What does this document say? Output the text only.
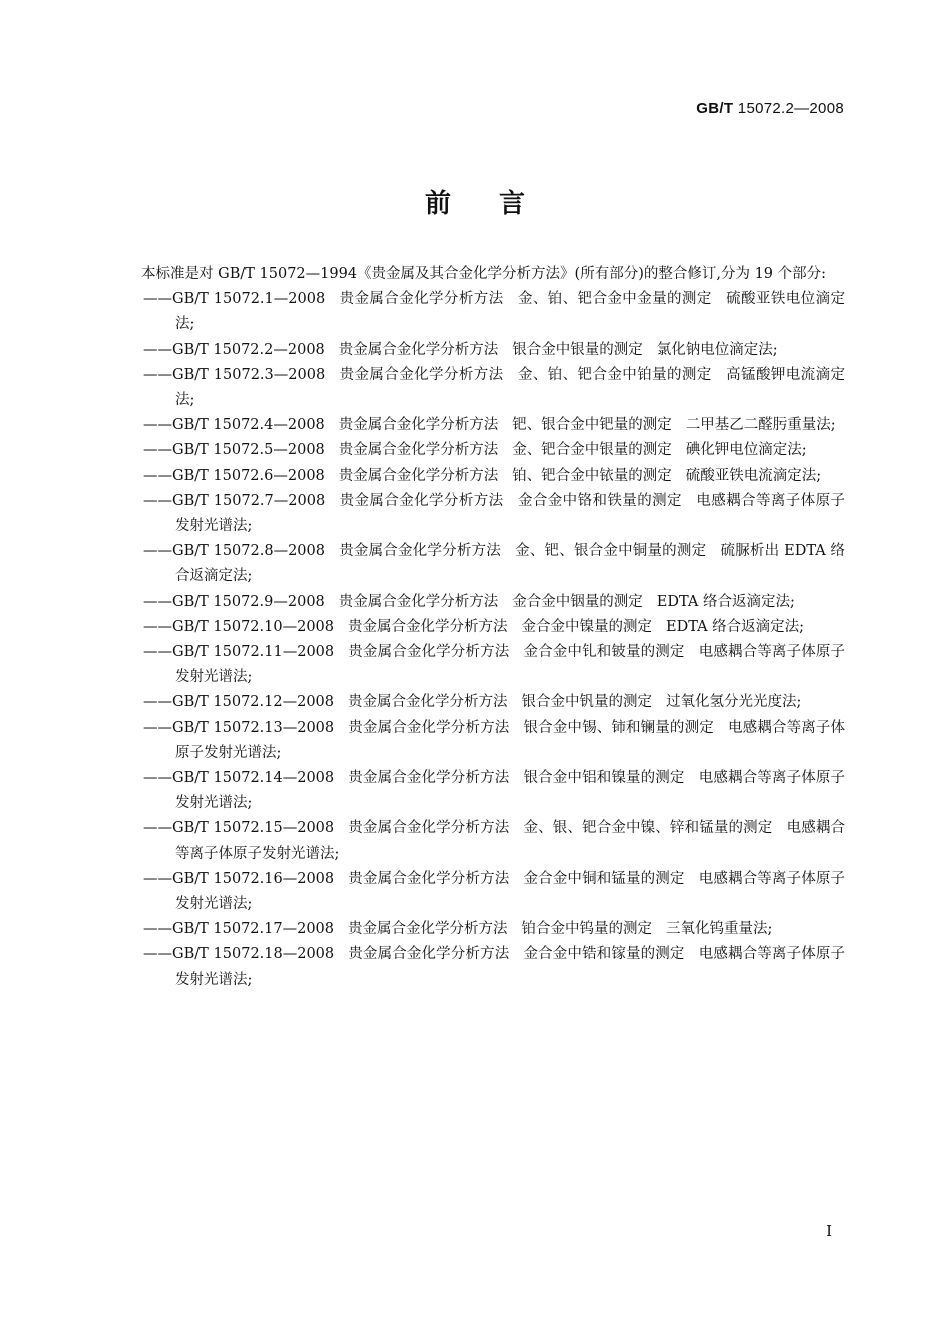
GB/T 15072.2—2008
前言

本标准是对 GB/T 15072—1994《贵金属及其合金化学分析方法》(所有部分)的整合修订,分为 19 个部分:

——GB/T 15072.1—2008 贵金属合金化学分析方法 金、铂、钯合金中金量的测定 硫酸亚铁电位滴定法;
——GB/T 15072.2—2008 贵金属合金化学分析方法 银合金中银量的测定 氯化钠电位滴定法;
——GB/T 15072.3—2008 贵金属合金化学分析方法 金、铂、钯合金中铂量的测定 高锰酸钾电流滴定法;
——GB/T 15072.4—2008 贵金属合金化学分析方法 钯、银合金中钯量的测定 二甲基乙二醛肟重量法;
——GB/T 15072.5—2008 贵金属合金化学分析方法 金、钯合金中银量的测定 碘化钾电位滴定法;
——GB/T 15072.6—2008 贵金属合金化学分析方法 铂、钯合金中铱量的测定 硫酸亚铁电流滴定法;
——GB/T 15072.7—2008 贵金属合金化学分析方法 金合金中铬和铁量的测定 电感耦合等离子体原子发射光谱法;
——GB/T 15072.8—2008 贵金属合金化学分析方法 金、钯、银合金中铜量的测定 硫脲析出 EDTA 络合返滴定法;
——GB/T 15072.9—2008 贵金属合金化学分析方法 金合金中铟量的测定 EDTA 络合返滴定法;
——GB/T 15072.10—2008 贵金属合金化学分析方法 金合金中镍量的测定 EDTA 络合返滴定法;
——GB/T 15072.11—2008 贵金属合金化学分析方法 金合金中钆和铍量的测定 电感耦合等离子体原子发射光谱法;
——GB/T 15072.12—2008 贵金属合金化学分析方法 银合金中钒量的测定 过氧化氢分光光度法;
——GB/T 15072.13—2008 贵金属合金化学分析方法 银合金中锡、铈和镧量的测定 电感耦合等离子体原子发射光谱法;
——GB/T 15072.14—2008 贵金属合金化学分析方法 银合金中铝和镍量的测定 电感耦合等离子体原子发射光谱法;
——GB/T 15072.15—2008 贵金属合金化学分析方法 金、银、钯合金中镍、锌和锰量的测定 电感耦合等离子体原子发射光谱法;
——GB/T 15072.16—2008 贵金属合金化学分析方法 金合金中铜和锰量的测定 电感耦合等离子体原子发射光谱法;
——GB/T 15072.17—2008 贵金属合金化学分析方法 铂合金中钨量的测定 三氧化钨重量法;
——GB/T 15072.18—2008 贵金属合金化学分析方法 金合金中锆和镓量的测定 电感耦合等离子体原子发射光谱法;
I
